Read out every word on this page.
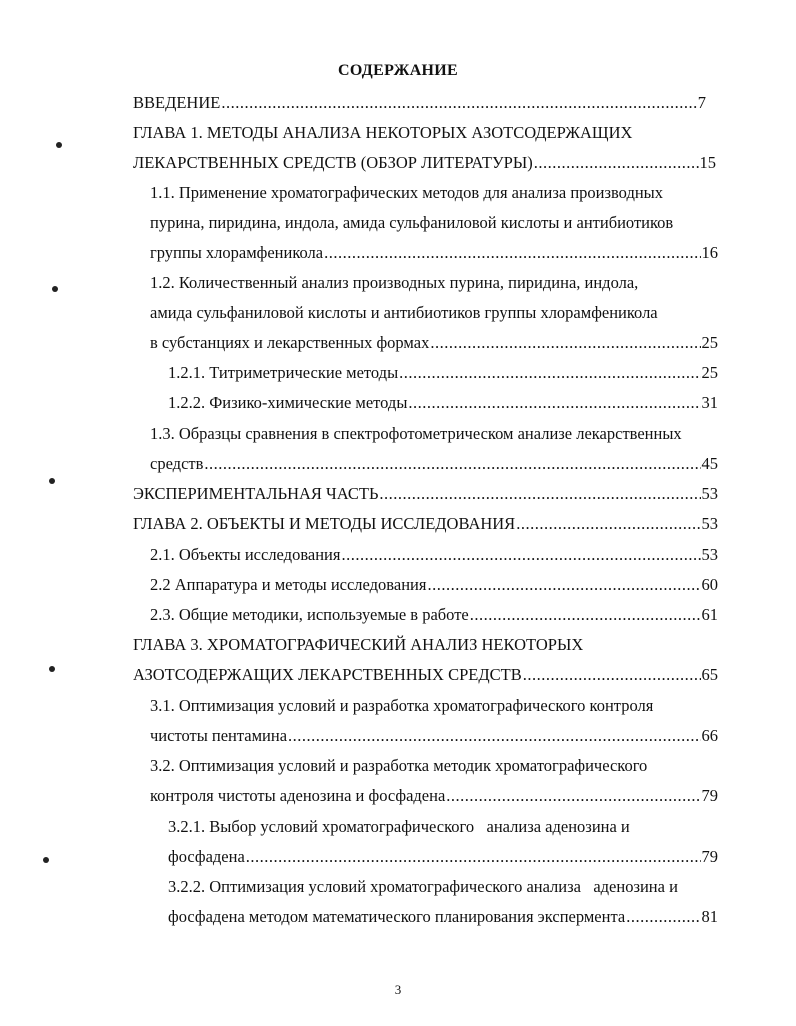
СОДЕРЖАНИЕ
ВВЕДЕНИЕ .....	7
ГЛАВА 1. МЕТОДЫ АНАЛИЗА НЕКОТОРЫХ АЗОТСОДЕРЖАЩИХ
ЛЕКАРСТВЕННЫХ СРЕДСТВ (ОБЗОР ЛИТЕРАТУРЫ) .....	15
1.1. Применение хроматографических методов для анализа производных
пурина, пиридина, индола, амида сульфаниловой кислоты и антибиотиков
группы хлорамфеникола .....	16
1.2. Количественный анализ производных пурина, пиридина, индола,
амида сульфаниловой кислоты и антибиотиков группы хлорамфеникола
в субстанциях и лекарственных формах .....	25
1.2.1. Титриметрические методы .....	25
1.2.2. Физико-химические методы .....	31
1.3. Образцы сравнения в спектрофотометрическом анализе лекарственных
средств .....	45
ЭКСПЕРИМЕНТАЛЬНАЯ ЧАСТЬ .....	53
ГЛАВА 2. ОБЪЕКТЫ И МЕТОДЫ ИССЛЕДОВАНИЯ .....	53
2.1. Объекты исследования .....	53
2.2 Аппаратура и методы исследования .....	60
2.3. Общие методики, используемые в работе .....	61
ГЛАВА 3. ХРОМАТОГРАФИЧЕСКИЙ АНАЛИЗ НЕКОТОРЫХ
АЗОТСОДЕРЖАЩИХ ЛЕКАРСТВЕННЫХ СРЕДСТВ .....	65
3.1. Оптимизация условий и разработка хроматографического контроля
чистоты пентамина .....	66
3.2. Оптимизация условий и разработка методик хроматографического
контроля чистоты аденозина и фосфадена .....	79
3.2.1. Выбор условий хроматографического   анализа аденозина и
фосфадена .....	79
3.2.2. Оптимизация условий хроматографического анализа   аденозина и
фосфадена методом математического планирования экспермента .....	81
3
